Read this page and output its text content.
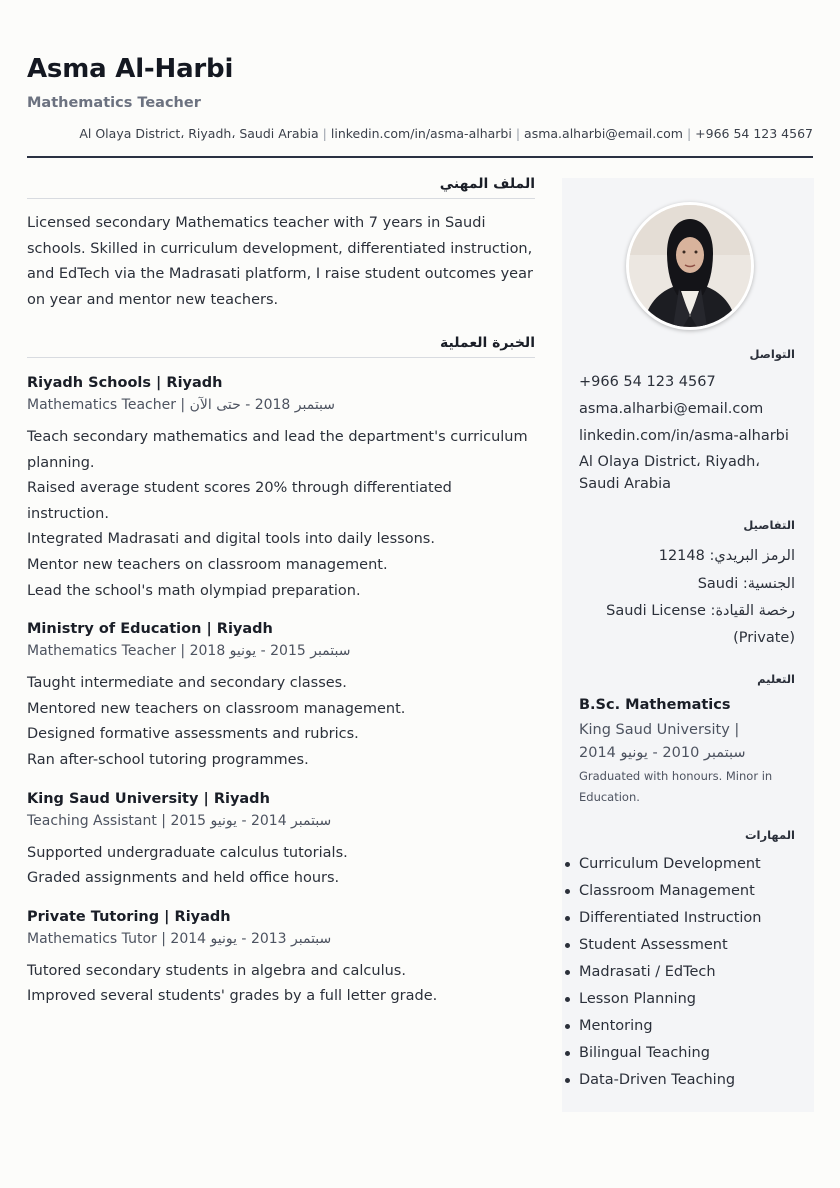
Asma Al-Harbi
Mathematics Teacher
Al Olaya District، Riyadh، Saudi Arabia | linkedin.com/in/asma-alharbi | asma.alharbi@email.com | +966 54 123 4567
الملف المهني
Licensed secondary Mathematics teacher with 7 years in Saudi schools. Skilled in curriculum development, differentiated instruction, and EdTech via the Madrasati platform, I raise student outcomes year on year and mentor new teachers.
الخبرة العملية
Riyadh Schools | Riyadh
Mathematics Teacher | سبتمبر 2018 - حتى الآن
Teach secondary mathematics and lead the department's curriculum planning.
Raised average student scores 20% through differentiated instruction.
Integrated Madrasati and digital tools into daily lessons.
Mentor new teachers on classroom management.
Lead the school's math olympiad preparation.
Ministry of Education | Riyadh
Mathematics Teacher | سبتمبر 2015 - يونيو 2018
Taught intermediate and secondary classes.
Mentored new teachers on classroom management.
Designed formative assessments and rubrics.
Ran after-school tutoring programmes.
King Saud University | Riyadh
Teaching Assistant | سبتمبر 2014 - يونيو 2015
Supported undergraduate calculus tutorials.
Graded assignments and held office hours.
Private Tutoring | Riyadh
Mathematics Tutor | سبتمبر 2013 - يونيو 2014
Tutored secondary students in algebra and calculus.
Improved several students' grades by a full letter grade.
التواصل
+966 54 123 4567
asma.alharbi@email.com
linkedin.com/in/asma-alharbi
Al Olaya District، Riyadh، Saudi Arabia
التفاصيل
الرمز البريدي: 12148
الجنسية: Saudi
رخصة القيادة: Saudi License (Private)
التعليم
B.Sc. Mathematics
King Saud University | سبتمبر 2010 - يونيو 2014
Graduated with honours. Minor in Education.
المهارات
Curriculum Development
Classroom Management
Differentiated Instruction
Student Assessment
Madrasati / EdTech
Lesson Planning
Mentoring
Bilingual Teaching
Data-Driven Teaching
